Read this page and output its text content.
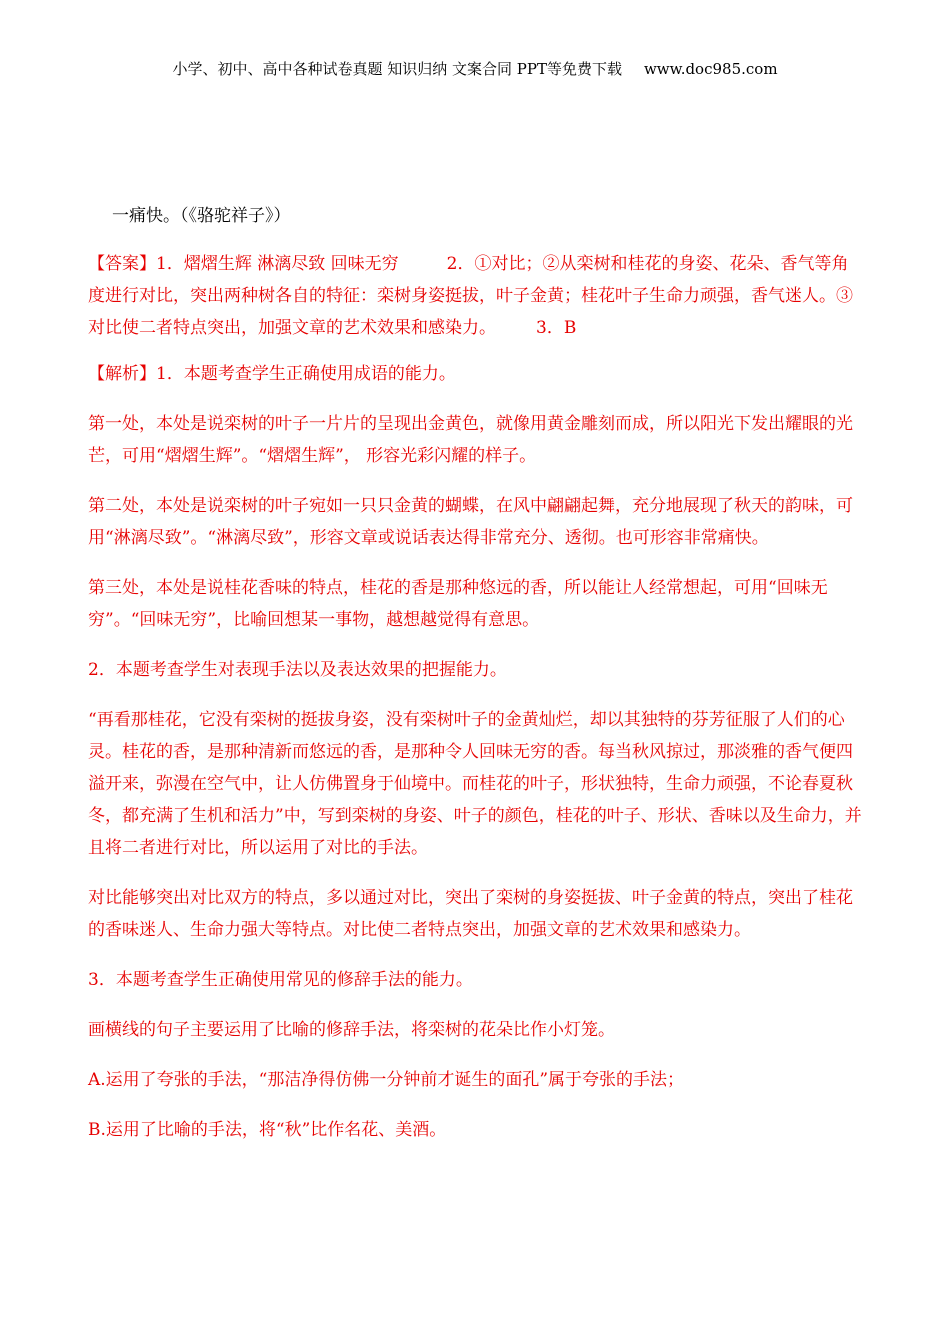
小学、初中、高中各种试卷真题 知识归纳 文案合同 PPT等免费下载 www.doc985.com

一痛快。（《骆驼祥子》）

【答案】1．熠熠生辉 淋漓尽致 回味无穷	2．①对比；②从栾树和桂花的身姿、花朵、香气等角度进行对比，突出两种树各自的特征：栾树身姿挺拔，叶子金黄；桂花叶子生命力顽强，香气迷人。③对比使二者特点突出，加强文章的艺术效果和感染力。 3．B

【解析】1．本题考查学生正确使用成语的能力。

第一处，本处是说栾树的叶子一片片的呈现出金黄色，就像用黄金雕刻而成，所以阳光下发出耀眼的光芒，可用“熠熠生辉”。“熠熠生辉”， 形容光彩闪耀的样子。

第二处，本处是说栾树的叶子宛如一只只金黄的蝴蝶，在风中翩翩起舞，充分地展现了秋天的韵味，可用“淋漓尽致”。“淋漓尽致”，形容文章或说话表达得非常充分、透彻。也可形容非常痛快。

第三处，本处是说桂花香味的特点，桂花的香是那种悠远的香，所以能让人经常想起，可用“回味无穷”。“回味无穷”，比喻回想某一事物，越想越觉得有意思。

2．本题考查学生对表现手法以及表达效果的把握能力。

“再看那桂花，它没有栾树的挺拔身姿，没有栾树叶子的金黄灿烂，却以其独特的芬芳征服了人们的心灵。桂花的香，是那种清新而悠远的香，是那种令人回味无穷的香。每当秋风掠过，那淡雅的香气便四溢开来，弥漫在空气中，让人仿佛置身于仙境中。而桂花的叶子，形状独特，生命力顽强，不论春夏秋冬，都充满了生机和活力”中，写到栾树的身姿、叶子的颜色，桂花的叶子、形状、香味以及生命力，并且将二者进行对比，所以运用了对比的手法。

对比能够突出对比双方的特点，多以通过对比，突出了栾树的身姿挺拔、叶子金黄的特点，突出了桂花的香味迷人、生命力强大等特点。对比使二者特点突出，加强文章的艺术效果和感染力。

3．本题考查学生正确使用常见的修辞手法的能力。

画横线的句子主要运用了比喻的修辞手法，将栾树的花朵比作小灯笼。

A.运用了夸张的手法，“那洁净得仿佛一分钟前才诞生的面孔”属于夸张的手法；

B.运用了比喻的手法，将“秋”比作名花、美酒。
